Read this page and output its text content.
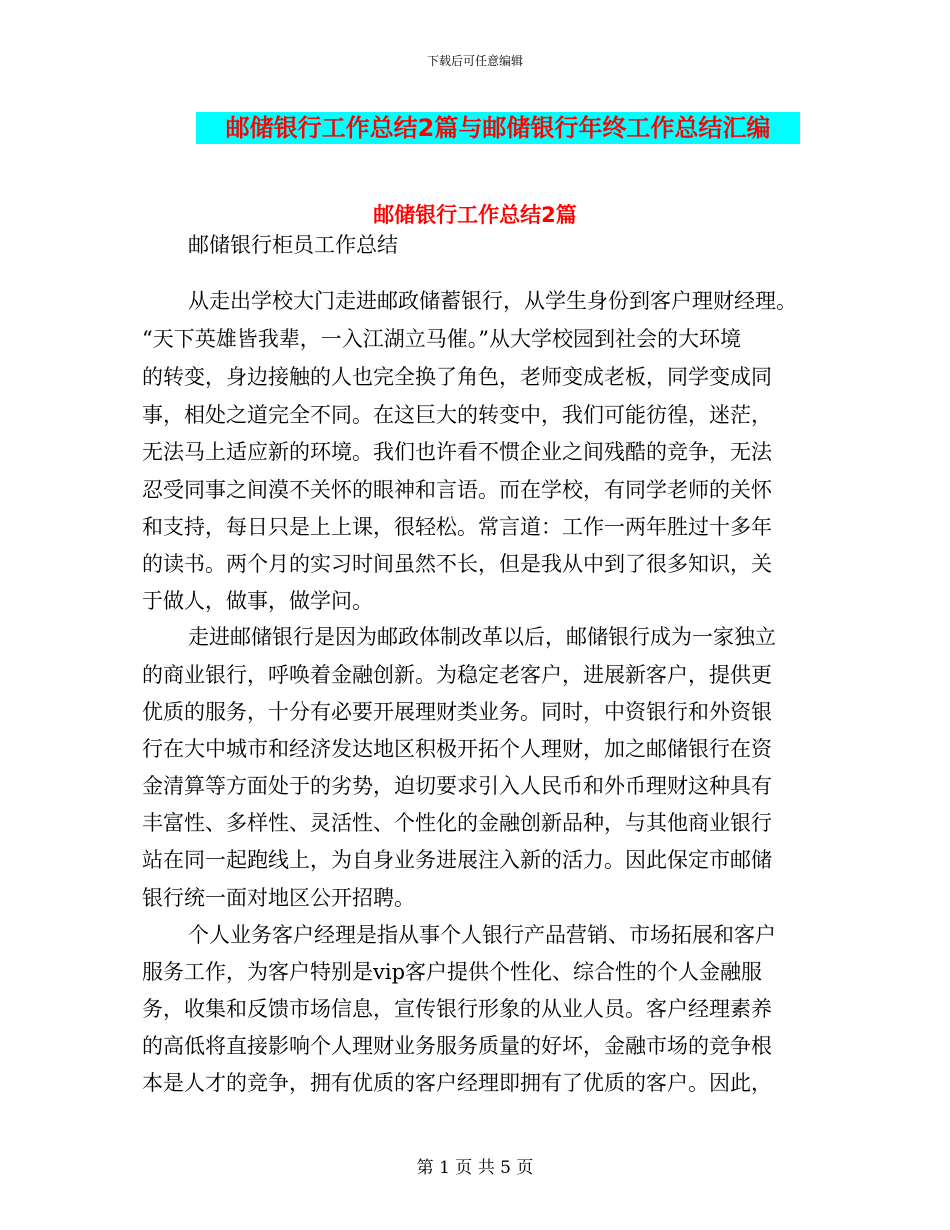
下载后可任意编辑
邮储银行工作总结2篇与邮储银行年终工作总结汇编
邮储银行工作总结2篇
邮储银行柜员工作总结
从走出学校大门走进邮政储蓄银行，从学生身份到客户理财经理。
“天下英雄皆我辈，一入江湖立马催。”从大学校园到社会的大环境
的转变，身边接触的人也完全换了角色，老师变成老板，同学变成同
事，相处之道完全不同。在这巨大的转变中，我们可能彷徨，迷茫，
无法马上适应新的环境。我们也许看不惯企业之间残酷的竞争，无法
忍受同事之间漠不关怀的眼神和言语。而在学校，有同学老师的关怀
和支持，每日只是上上课，很轻松。常言道：工作一两年胜过十多年
的读书。两个月的实习时间虽然不长，但是我从中到了很多知识，关
于做人，做事，做学问。
走进邮储银行是因为邮政体制改革以后，邮储银行成为一家独立
的商业银行，呼唤着金融创新。为稳定老客户，进展新客户，提供更
优质的服务，十分有必要开展理财类业务。同时，中资银行和外资银
行在大中城市和经济发达地区积极开拓个人理财，加之邮储银行在资
金清算等方面处于的劣势，迫切要求引入人民币和外币理财这种具有
丰富性、多样性、灵活性、个性化的金融创新品种，与其他商业银行
站在同一起跑线上，为自身业务进展注入新的活力。因此保定市邮储
银行统一面对地区公开招聘。
个人业务客户经理是指从事个人银行产品营销、市场拓展和客户
服务工作，为客户特别是vip客户提供个性化、综合性的个人金融服
务，收集和反馈市场信息，宣传银行形象的从业人员。客户经理素养
的高低将直接影响个人理财业务服务质量的好坏，金融市场的竞争根
本是人才的竞争，拥有优质的客户经理即拥有了优质的客户。因此，
第 1 页 共 5 页
